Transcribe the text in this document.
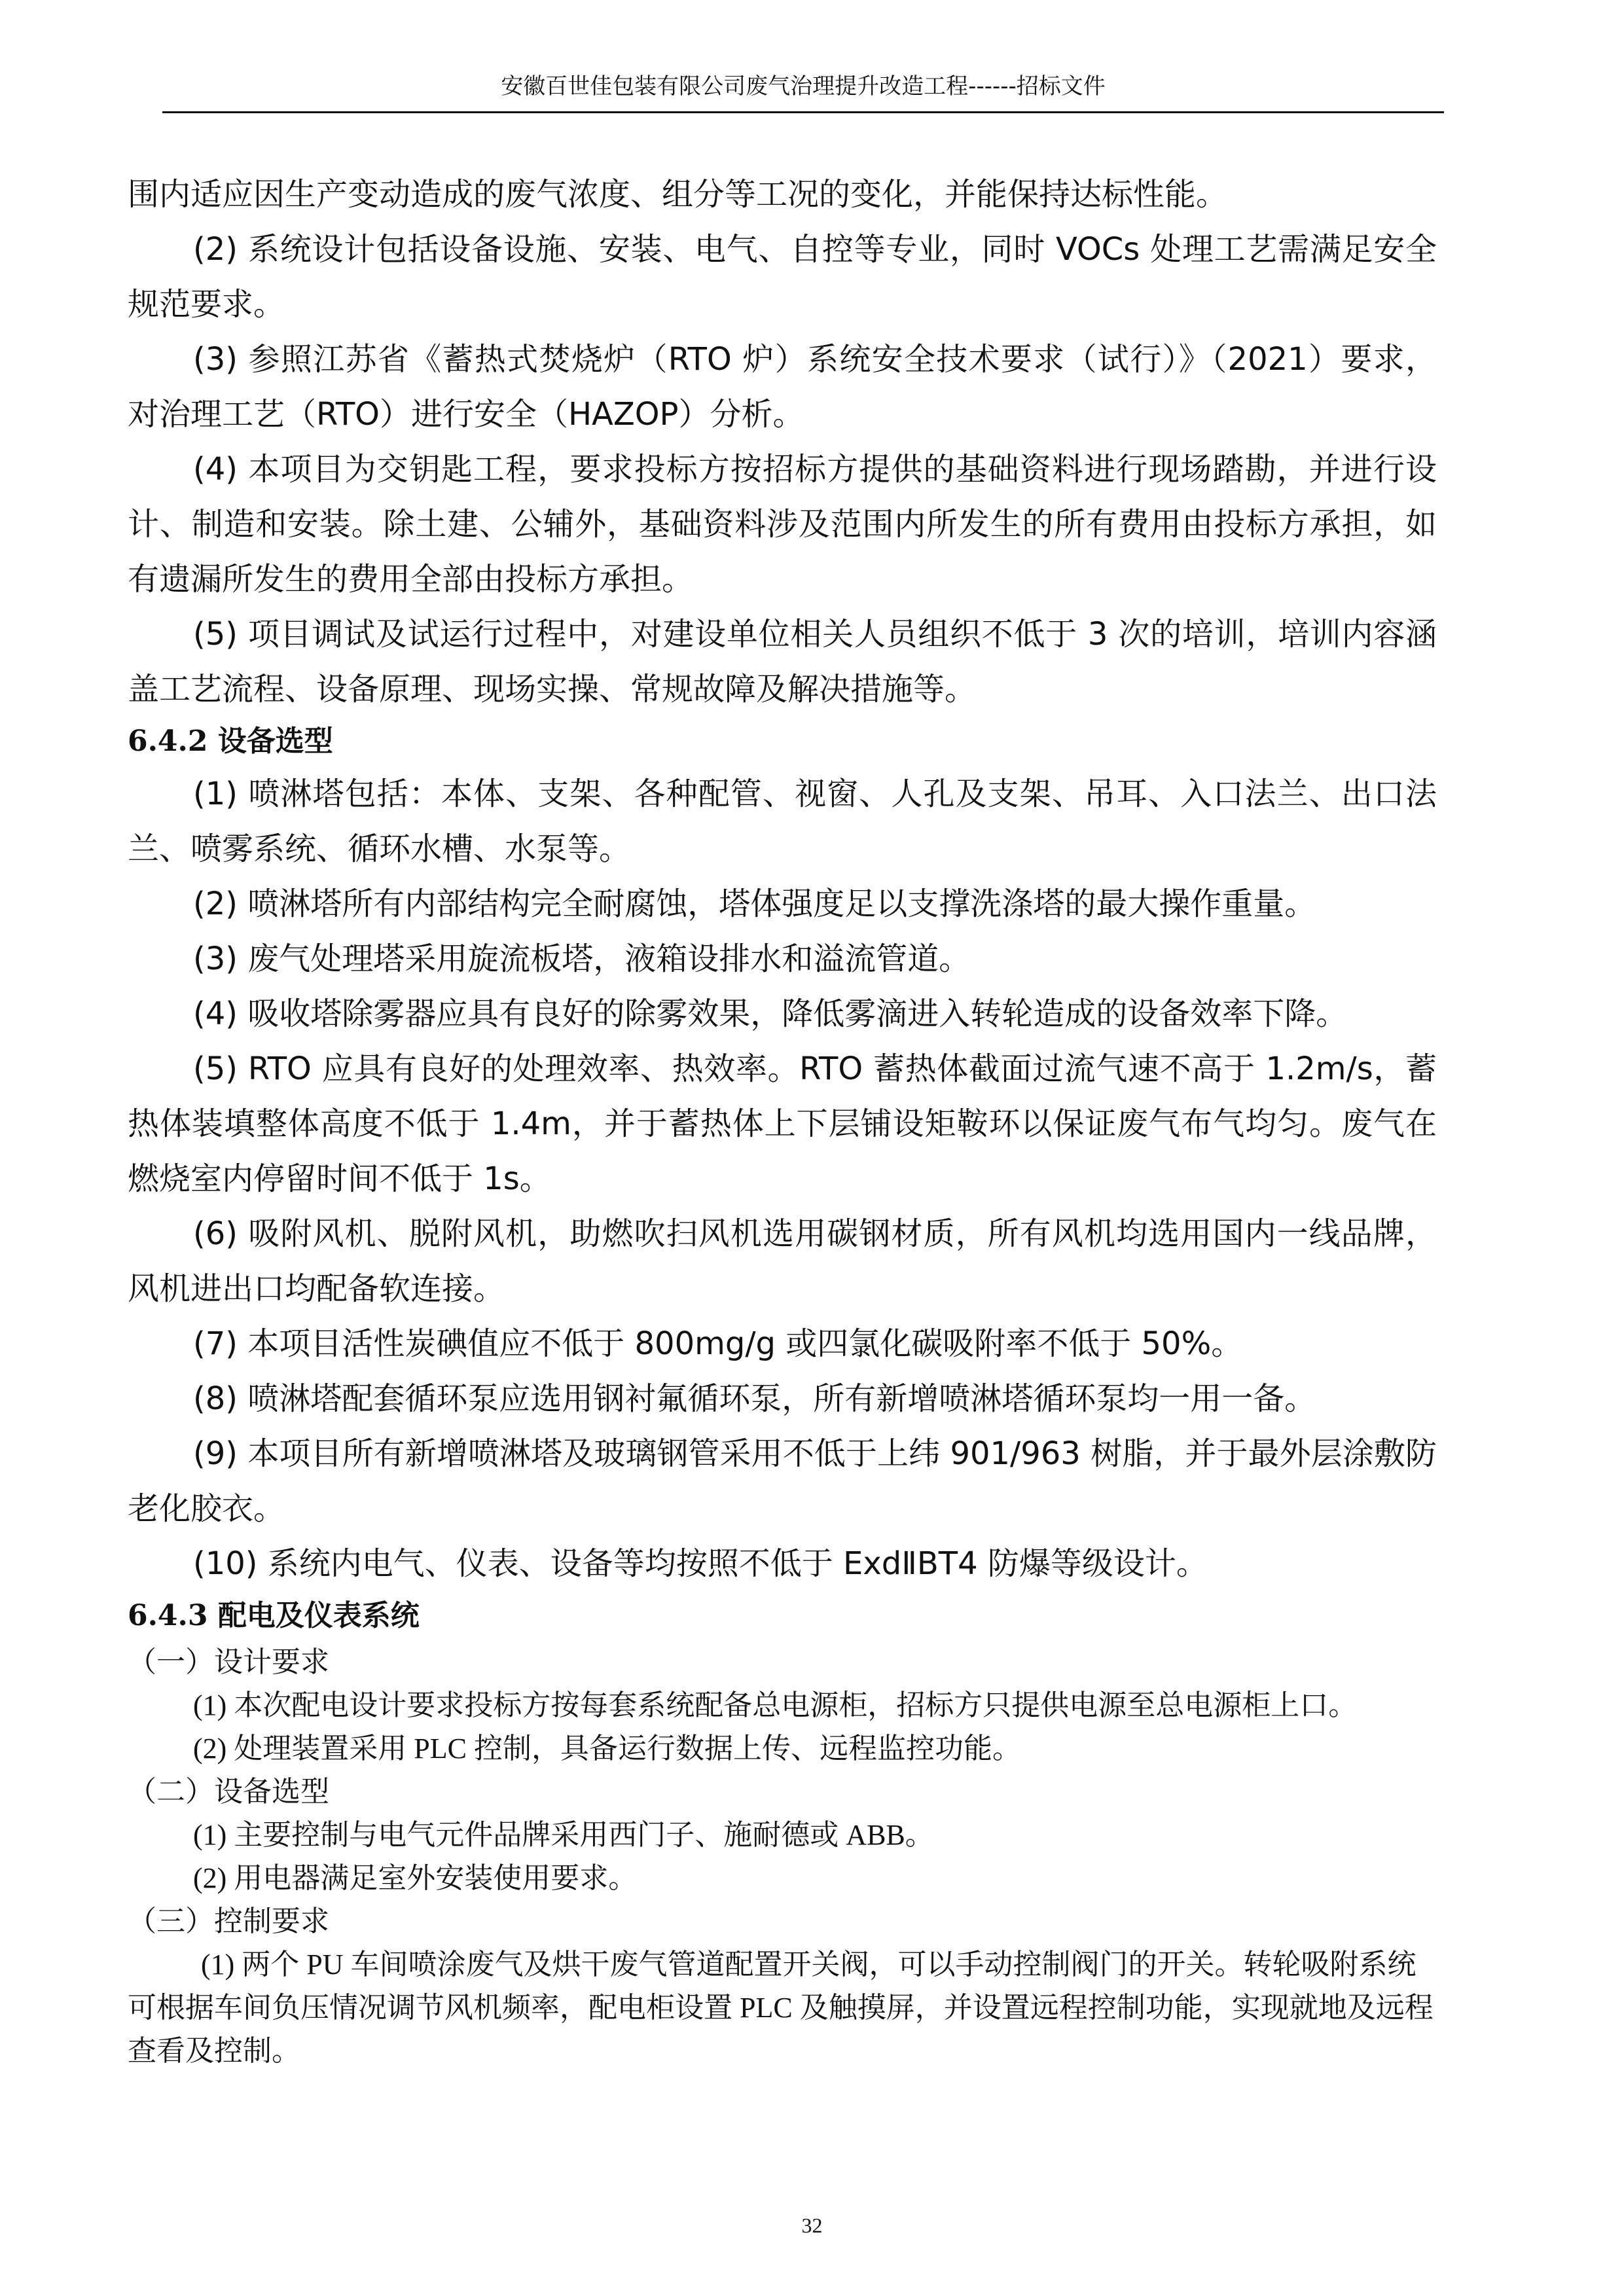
安徽百世佳包装有限公司废气治理提升改造工程------招标文件

围内适应因生产变动造成的废气浓度、组分等工况的变化，并能保持达标性能。

(2) 系统设计包括设备设施、安装、电气、自控等专业，同时 VOCs 处理工艺需满足安全规范要求。

(3) 参照江苏省《蓄热式焚烧炉（RTO 炉）系统安全技术要求（试行）》（2021）要求，对治理工艺（RTO）进行安全（HAZOP）分析。

(4) 本项目为交钥匙工程，要求投标方按招标方提供的基础资料进行现场踏勘，并进行设计、制造和安装。除土建、公辅外，基础资料涉及范围内所发生的所有费用由投标方承担，如有遗漏所发生的费用全部由投标方承担。

(5) 项目调试及试运行过程中，对建设单位相关人员组织不低于 3 次的培训，培训内容涵盖工艺流程、设备原理、现场实操、常规故障及解决措施等。

6.4.2 设备选型

(1) 喷淋塔包括：本体、支架、各种配管、视窗、人孔及支架、吊耳、入口法兰、出口法兰、喷雾系统、循环水槽、水泵等。

(2) 喷淋塔所有内部结构完全耐腐蚀，塔体强度足以支撑洗涤塔的最大操作重量。

(3) 废气处理塔采用旋流板塔，液箱设排水和溢流管道。

(4) 吸收塔除雾器应具有良好的除雾效果，降低雾滴进入转轮造成的设备效率下降。

(5) RTO 应具有良好的处理效率、热效率。RTO 蓄热体截面过流气速不高于 1.2m/s，蓄热体装填整体高度不低于 1.4m，并于蓄热体上下层铺设矩鞍环以保证废气布气均匀。废气在燃烧室内停留时间不低于 1s。

(6) 吸附风机、脱附风机，助燃吹扫风机选用碳钢材质，所有风机均选用国内一线品牌，风机进出口均配备软连接。

(7) 本项目活性炭碘值应不低于 800mg/g 或四氯化碳吸附率不低于 50%。

(8) 喷淋塔配套循环泵应选用钢衬氟循环泵，所有新增喷淋塔循环泵均一用一备。

(9) 本项目所有新增喷淋塔及玻璃钢管采用不低于上纬 901/963 树脂，并于最外层涂敷防老化胶衣。

(10) 系统内电气、仪表、设备等均按照不低于 ExdⅡBT4 防爆等级设计。

6.4.3 配电及仪表系统

（一）设计要求

(1) 本次配电设计要求投标方按每套系统配备总电源柜，招标方只提供电源至总电源柜上口。

(2) 处理装置采用 PLC 控制，具备运行数据上传、远程监控功能。

（二）设备选型

(1) 主要控制与电气元件品牌采用西门子、施耐德或 ABB。

(2) 用电器满足室外安装使用要求。

（三）控制要求

(1) 两个 PU 车间喷涂废气及烘干废气管道配置开关阀，可以手动控制阀门的开关。转轮吸附系统可根据车间负压情况调节风机频率，配电柜设置 PLC 及触摸屏，并设置远程控制功能，实现就地及远程查看及控制。

32
